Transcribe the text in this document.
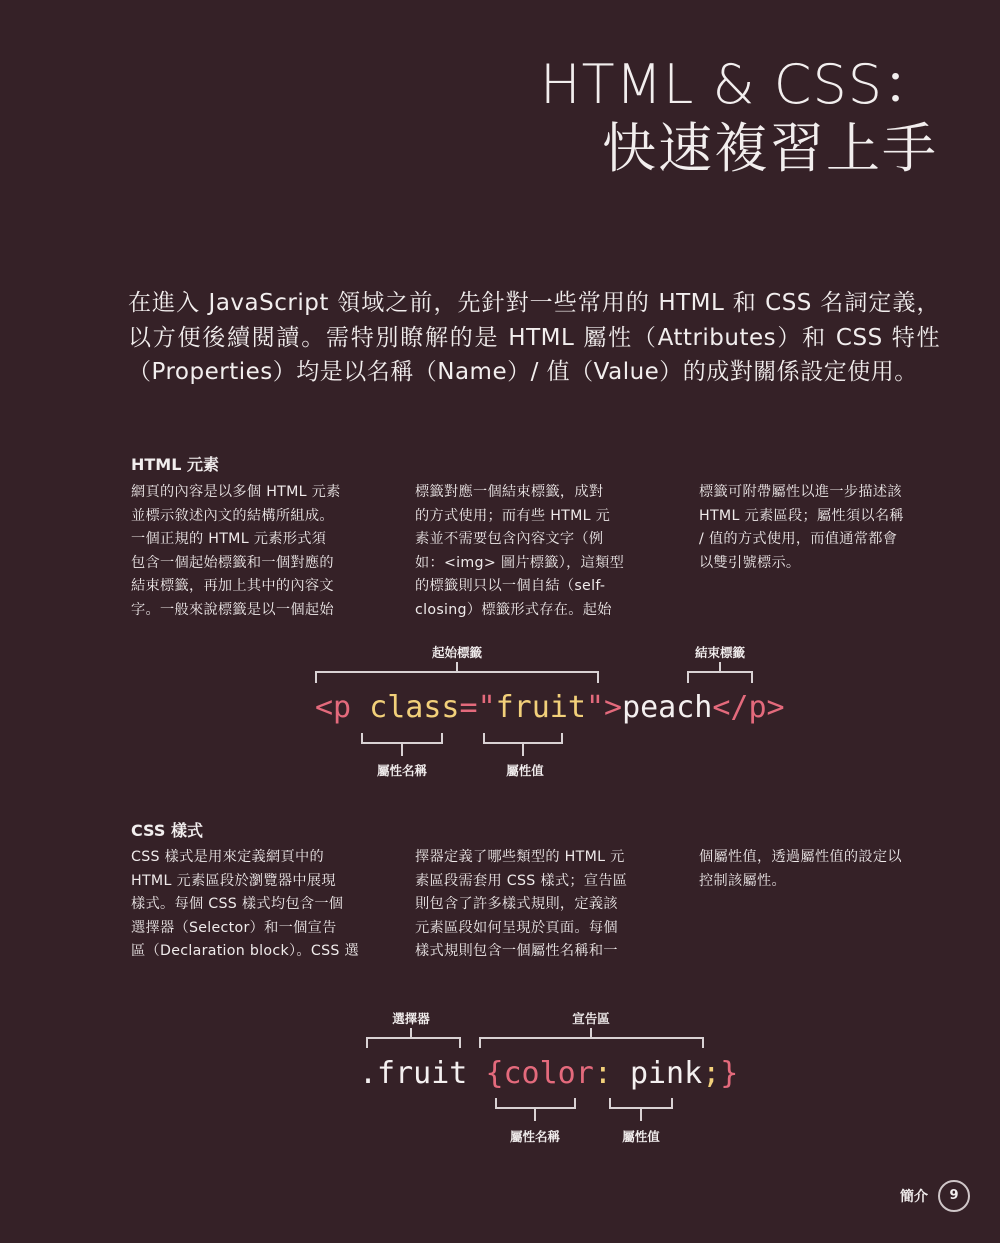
HTML & CSS：
快速複習上手
在進入 JavaScript 領域之前，先針對一些常用的 HTML 和 CSS 名詞定義，以方便後續閱讀。需特別瞭解的是 HTML 屬性（Attributes）和 CSS 特性（Properties）均是以名稱（Name）/ 值（Value）的成對關係設定使用。
HTML 元素
網頁的內容是以多個 HTML 元素
並標示敘述內文的結構所組成。
一個正規的 HTML 元素形式須
包含一個起始標籤和一個對應的
結束標籤，再加上其中的內容文
字。一般來說標籤是以一個起始
標籤對應一個結束標籤，成對
的方式使用；而有些 HTML 元
素並不需要包含內容文字（例
如：<img> 圖片標籤），這類型
的標籤則只以一個自結（self-
closing）標籤形式存在。起始
標籤可附帶屬性以進一步描述該
HTML 元素區段；屬性須以名稱
/ 值的方式使用，而值通常都會
以雙引號標示。
起始標籤	結束標籤
屬性名稱	屬性值
<p class="fruit">peach</p>
CSS 樣式
CSS 樣式是用來定義網頁中的
HTML 元素區段於瀏覽器中展現
樣式。每個 CSS 樣式均包含一個
選擇器（Selector）和一個宣告
區（Declaration block）。CSS 選
擇器定義了哪些類型的 HTML 元
素區段需套用 CSS 樣式；宣告區
則包含了許多樣式規則，定義該
元素區段如何呈現於頁面。每個
樣式規則包含一個屬性名稱和一
個屬性值，透過屬性值的設定以
控制該屬性。
選擇器	宣告區
屬性名稱	屬性值
.fruit {color: pink;}
簡介	9
